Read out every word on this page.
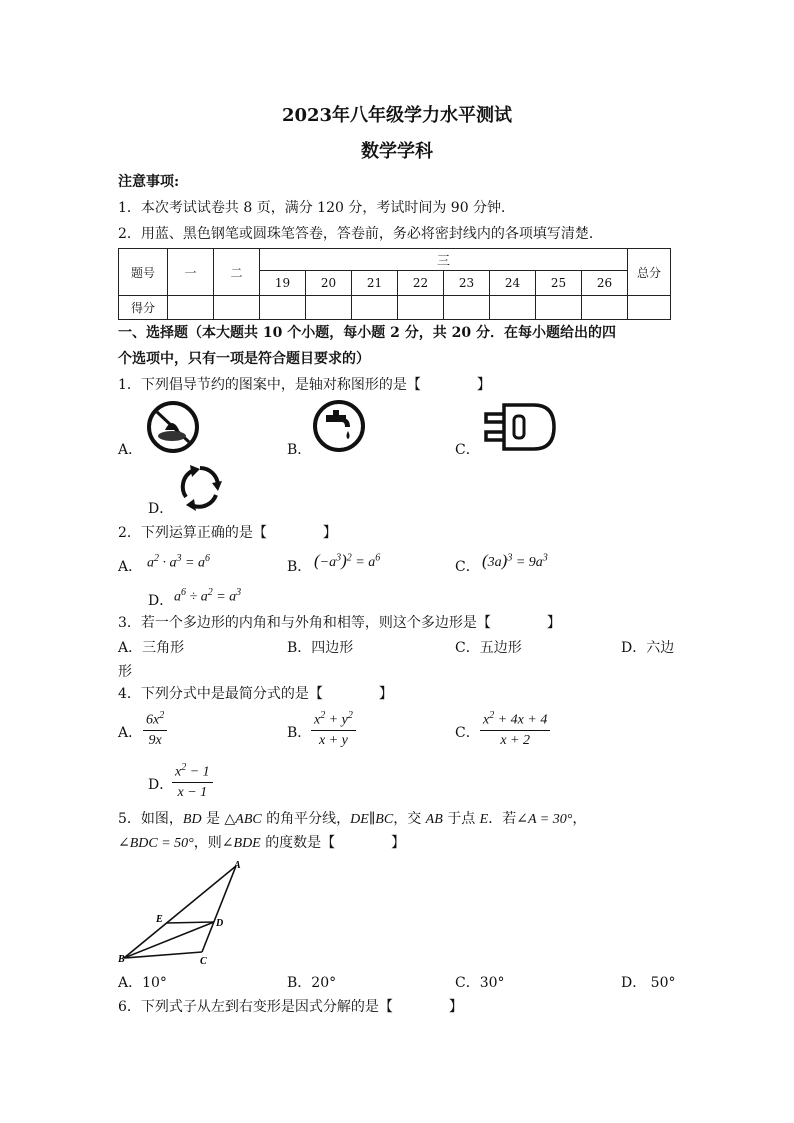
2023年八年级学力水平测试
数学学科
注意事项:
1．本次考试试卷共 8 页，满分 120 分，考试时间为 90 分钟．
2．用蓝、黑色钢笔或圆珠笔答卷，答卷前，务必将密封线内的各项填写清楚．
题号	一	二	三								总分
			19	20	21	22	23	24	25	26	
得分											
一、选择题（本大题共 10 个小题，每小题 2 分，共 20 分．在每小题给出的四
个选项中，只有一项是符合题目要求的）
1．下列倡导节约的图案中，是轴对称图形的是【　　　　】
A．	B．	C．
D．
2．下列运算正确的是【　　　　】
A． $a^2 \cdot a^3 = a^6$
B． $(-a^3)^2 = a^6$
C． $(3a)^3 = 9a^3$
D． $a^6 \div a^2 = a^3$
3．若一个多边形的内角和与外角和相等，则这个多边形是【　　　　】
A．三角形	B．四边形	C．五边形	D．六边
形
4．下列分式中是最简分式的是【　　　　】
A． $\frac{6x^2}{9x}$	B． $\frac{x^2 + y^2}{x + y}$	C． $\frac{x^2 + 4x + 4}{x + 2}$
D．
$\frac{x^2 - 1}{x - 1}$
5．如图，BD 是 △ABC 的角平分线，DE∥BC，交 AB 于点 E．若∠A = 30°，
∠BDC = 50°，则∠BDE 的度数是【　　　　】
A
B	C
D
E
A．10°	B．20°	C．30°	D． 50°
6．下列式子从左到右变形是因式分解的是【　　　　】
